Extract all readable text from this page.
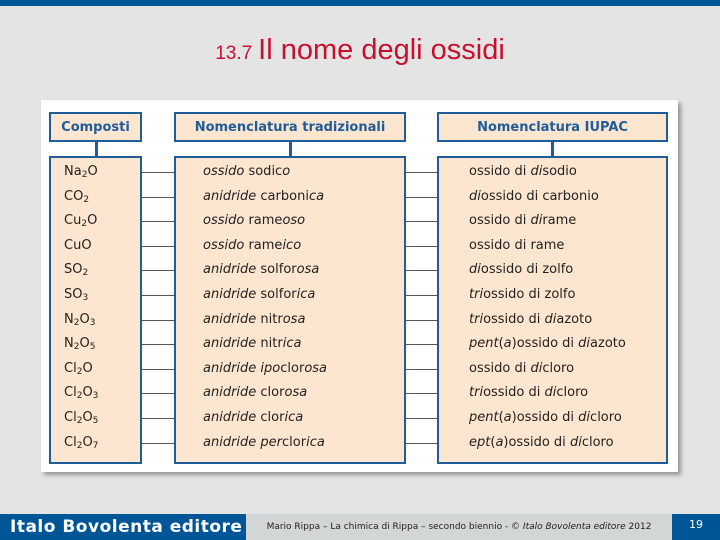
13.7 Il nome degli ossidi
Composti	Nomenclatura tradizionali	Nomenclatura IUPAC
$Na_2O$	ossido sodico	ossido di disodio
$CO_2$	anidride carbonica	diossido di carbonio
$Cu_2O$	ossido rameoso	ossido di dirame
CuO	ossido rameico	ossido di rame
$SO_2$	anidride solforosa	diossido di zolfo
$SO_3$	anidride solforica	triossido di zolfo
$N_2O_3$	anidride nitrosa	triossido di diazoto
$N_2O_5$	anidride nitrica	pent(a)ossido di diazoto
$Cl_2O$	anidride ipoclorosa	ossido di dicloro
$Cl_2O_3$	anidride clorosa	triossido di dicloro
$Cl_2O_5$	anidride clorica	pent(a)ossido di dicloro
$Cl_2O_7$	anidride perclorica	ept(a)ossido di dicloro
Italo Bovolenta editore	Mario Rippa – La chimica di Rippa – secondo biennio - © Italo Bovolenta editore 2012	19
